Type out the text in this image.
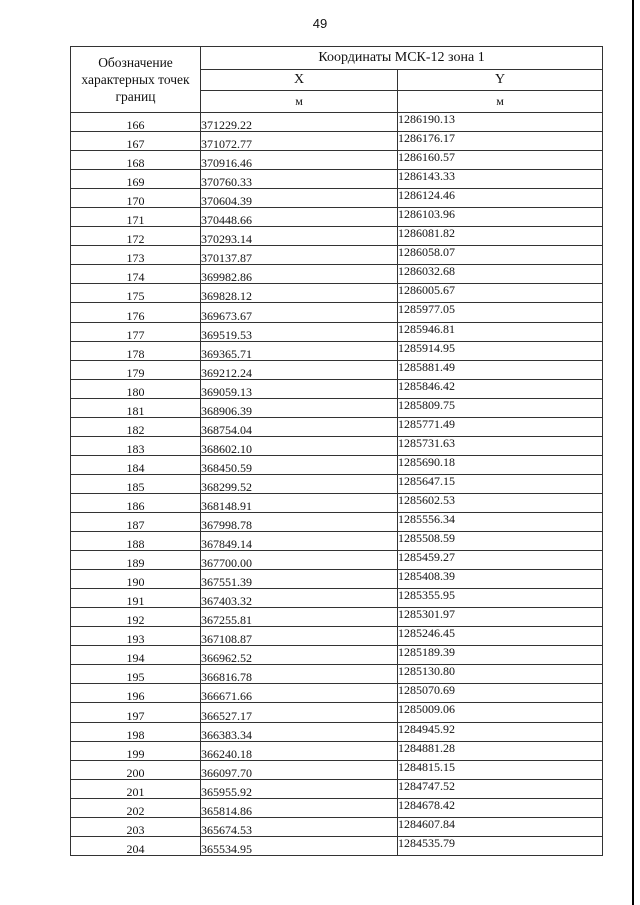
49
Обозначение характерных точек границ	Координаты МСК-12 зона 1	
	X	Y
	м	м
166	371229.22	1286190.13
167	371072.77	1286176.17
168	370916.46	1286160.57
169	370760.33	1286143.33
170	370604.39	1286124.46
171	370448.66	1286103.96
172	370293.14	1286081.82
173	370137.87	1286058.07
174	369982.86	1286032.68
175	369828.12	1286005.67
176	369673.67	1285977.05
177	369519.53	1285946.81
178	369365.71	1285914.95
179	369212.24	1285881.49
180	369059.13	1285846.42
181	368906.39	1285809.75
182	368754.04	1285771.49
183	368602.10	1285731.63
184	368450.59	1285690.18
185	368299.52	1285647.15
186	368148.91	1285602.53
187	367998.78	1285556.34
188	367849.14	1285508.59
189	367700.00	1285459.27
190	367551.39	1285408.39
191	367403.32	1285355.95
192	367255.81	1285301.97
193	367108.87	1285246.45
194	366962.52	1285189.39
195	366816.78	1285130.80
196	366671.66	1285070.69
197	366527.17	1285009.06
198	366383.34	1284945.92
199	366240.18	1284881.28
200	366097.70	1284815.15
201	365955.92	1284747.52
202	365814.86	1284678.42
203	365674.53	1284607.84
204	365534.95	1284535.79
